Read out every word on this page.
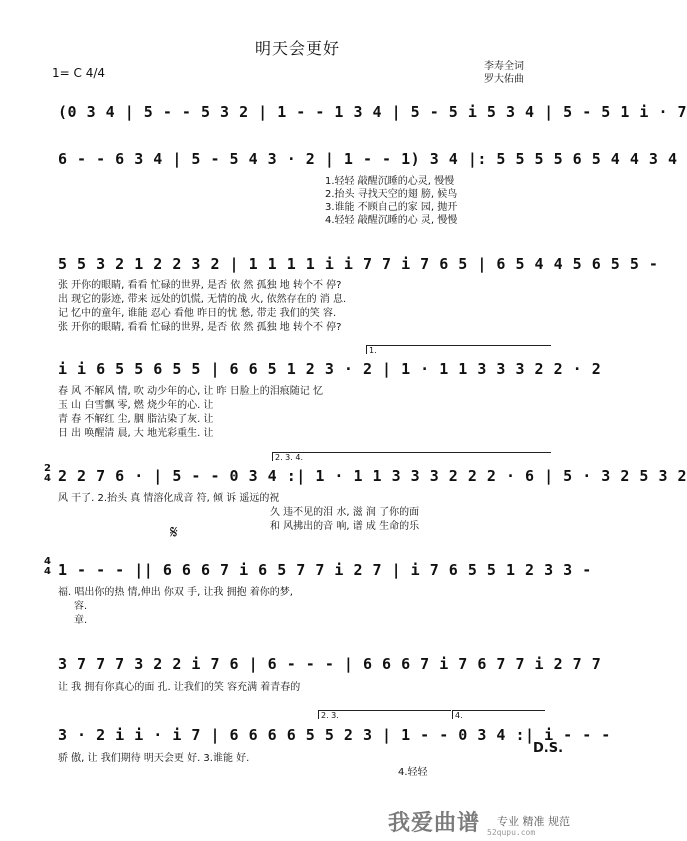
明天会更好
1= C 4/4	李寿全词
罗大佑曲
(0 3 4 | 5 - - 5 3 2 | 1 - - 1 3 4 | 5 - 5 i 5 3 4 | 5 - 5 1 i · 7
6 - - 6 3 4 | 5 - 5 4 3 · 2 | 1 - - 1) 3 4 |: 5 5 5 5 6 5 4 4 3 4
1.轻轻 敲醒沉睡的心灵, 慢慢
2.抬头 寻找天空的翅 膀, 候鸟
3.谁能 不顾自己的家 园, 抛开
4.轻轻 敲醒沉睡的心 灵, 慢慢
5 5 3 2 1 2 2 3 2 | 1 1 1 1 i i 7 7 i 7 6 5 | 6 5 4 4 5 6 5 5 -
张 开你的眼睛, 看看 忙碌的世界, 是否 依 然 孤独 地 转个不 停?
出 现它的影迹, 带来 远处的饥慌, 无情的战 火, 依然存在的 消 息.
记 忆中的童年, 谁能 忍心 看他 昨日的忧 愁, 带走 我们的笑 容.
张 开你的眼睛, 看看 忙碌的世界, 是否 依 然 孤独 地 转个不 停?
1.
i i 6 5 5 6 5 5 | 6 6 5 1 2 3 · 2 | 1 · 1 1 3 3 3 2 2 · 2
春 风 不解风 情, 吹 动少年的心, 让 昨 日脸上的泪痕随记 忆
玉 山 白雪飘 零, 燃 烧少年的心. 让
青 春 不解红 尘, 胭 脂沾染了灰. 让
日 出 唤醒清 晨, 大 地光彩重生. 让
2. 3. 4.
2
4 2 2 7 6 · | 5 - - 0 3 4 :| 1 · 1 1 3 3 3 2 2 2 · 6 | 5 · 3 2 5 3 2
风 干了. 2.抬头 真 情溶化成音 符, 倾 诉 遥远的祝
久 违不见的泪 水, 滋 润 了你的面
和 风拂出的音 响, 谱 成 生命的乐
𝄋
4
4 1 - - - || 6 6 6 7 i 6 5 7 7 i 2 7 | i 7 6 5 5 1 2 3 3 -
福. 唱出你的热 情,伸出 你双 手, 让我 拥抱 着你的梦,
容.
章.
3 7 7 7 3 2 2 i 7 6 | 6 - - - | 6 6 6 7 i 7 6 7 7 i 2 7 7
让 我 拥有你真心的面 孔. 让我们的笑 容充满 着青春的
2. 3.	4.
3 · 2 i i · i 7 | 6 6 6 6 5 5 2 3 | 1 - - 0 3 4 :| i - - -
D.S.
骄 傲, 让 我们期待 明天会更 好. 3.谁能 好.
4.轻轻
我爱曲谱 专业 精准 规范
52qupu.com
